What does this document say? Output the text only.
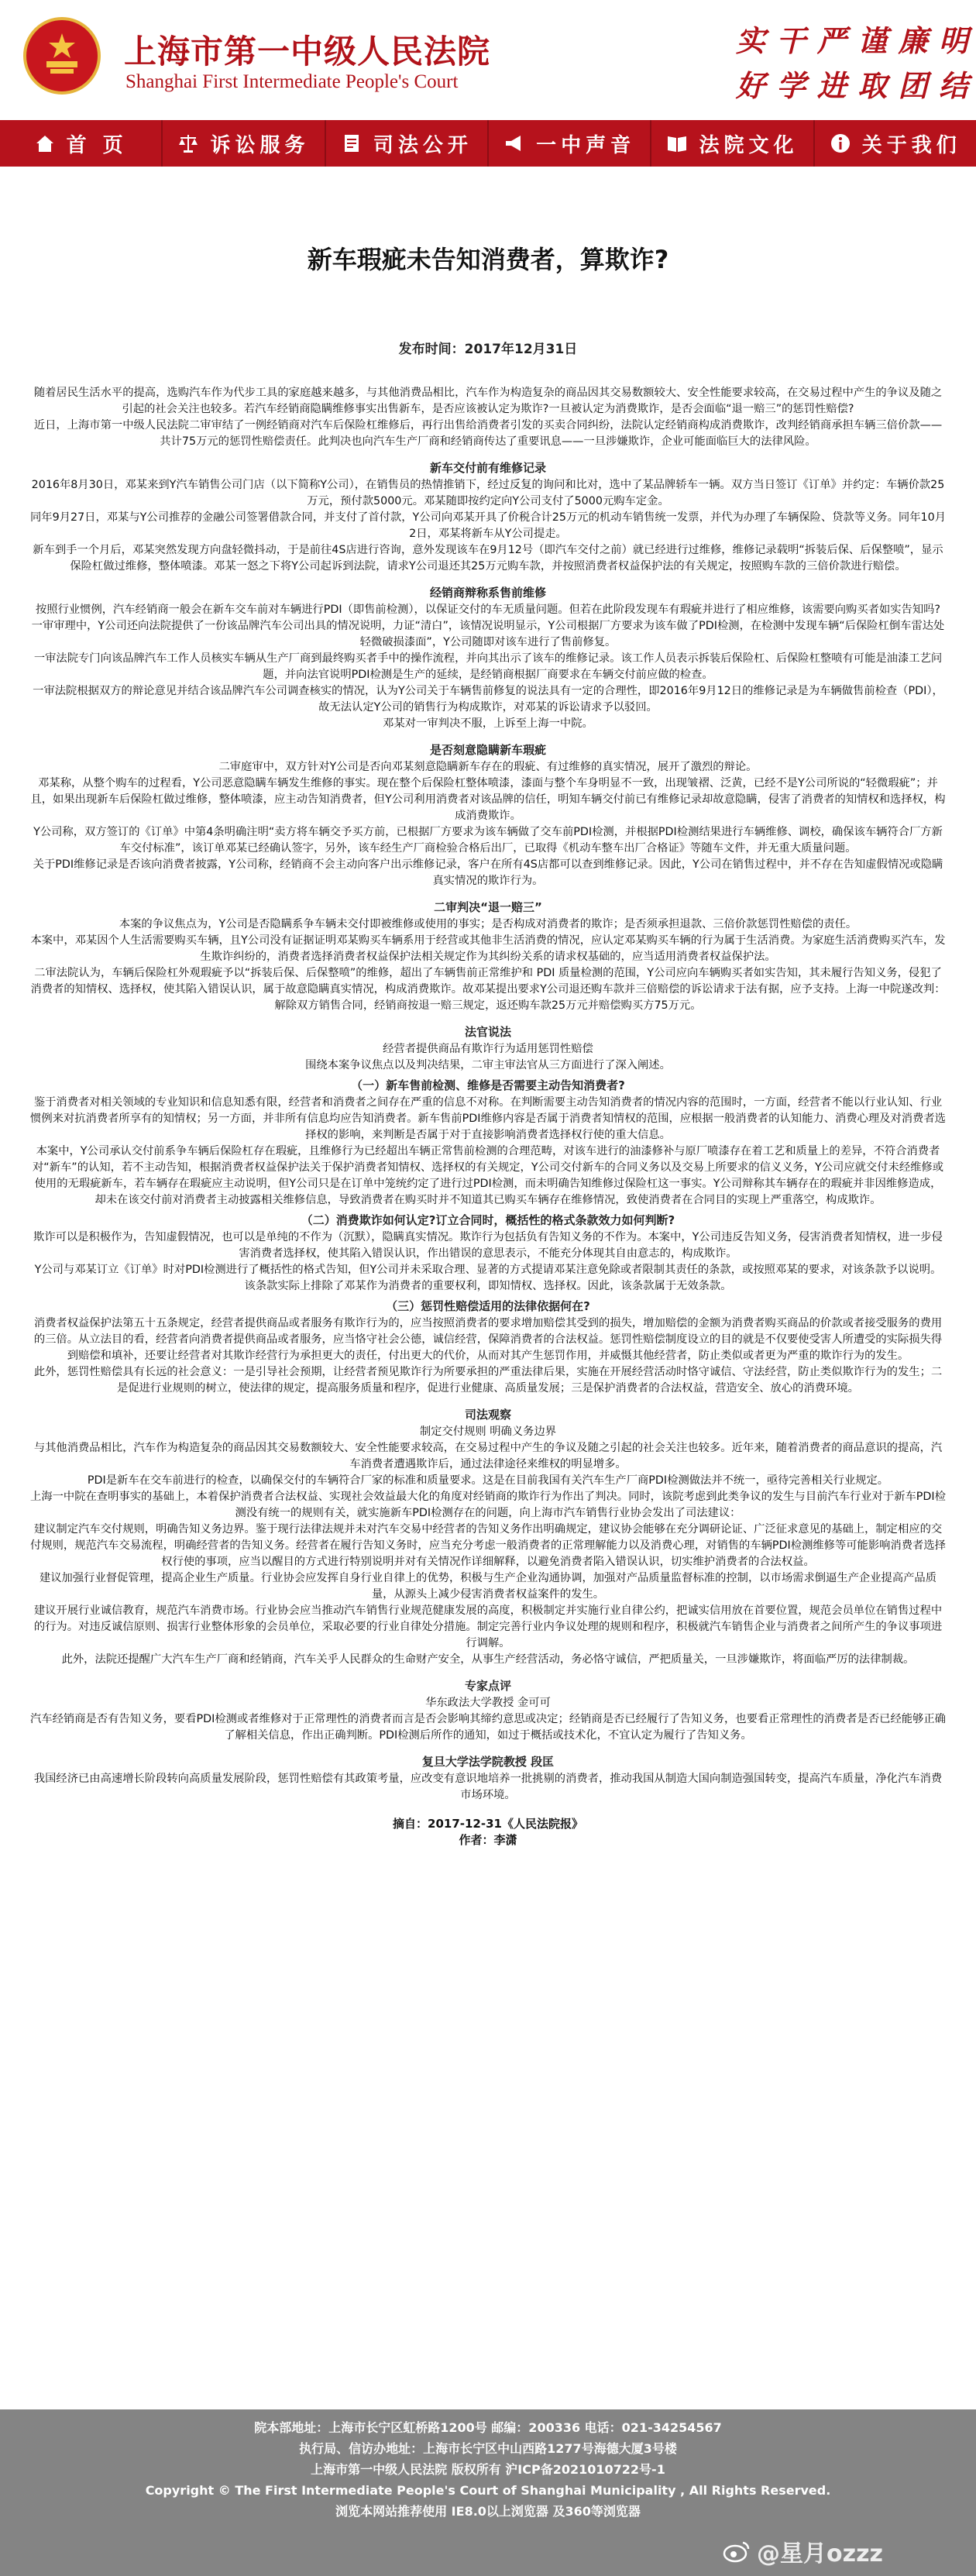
上海市第一中级人民法院
Shanghai First Intermediate People's Court
实 干 严 谨 廉 明
好 学 进 取 团 结
首 页	诉讼服务	司法公开	一中声音	法院文化	关于我们
新车瑕疵未告知消费者，算欺诈?
发布时间：2017年12月31日
随着居民生活水平的提高，选购汽车作为代步工具的家庭越来越多，与其他消费品相比，汽车作为构造复杂的商品因其交易数额较大、安全性能要求较高，在交易过程中产生的争议及随之引起的社会关注也较多。若汽车经销商隐瞒维修事实出售新车，是否应该被认定为欺诈?一旦被认定为消费欺诈，是否会面临“退一赔三”的惩罚性赔偿?
近日，上海市第一中级人民法院二审审结了一例经销商对汽车后保险杠维修后，再行出售给消费者引发的买卖合同纠纷，法院认定经销商构成消费欺诈，改判经销商承担车辆三倍价款——共计75万元的惩罚性赔偿责任。此判决也向汽车生产厂商和经销商传达了重要讯息——一旦涉嫌欺诈，企业可能面临巨大的法律风险。
新车交付前有维修记录
2016年8月30日，邓某来到Y汽车销售公司门店（以下简称Y公司），在销售员的热情推销下，经过反复的询问和比对，选中了某品牌轿车一辆。双方当日签订《订单》并约定：车辆价款25万元，预付款5000元。邓某随即按约定向Y公司支付了5000元购车定金。
同年9月27日，邓某与Y公司推荐的金融公司签署借款合同，并支付了首付款，Y公司向邓某开具了价税合计25万元的机动车销售统一发票，并代为办理了车辆保险、贷款等义务。同年10月2日，邓某将新车从Y公司提走。
新车到手一个月后，邓某突然发现方向盘轻微抖动，于是前往4S店进行咨询，意外发现该车在9月12号（即汽车交付之前）就已经进行过维修，维修记录载明“拆装后保、后保整喷”，显示保险杠做过维修，整体喷漆。邓某一怒之下将Y公司起诉到法院，请求Y公司退还其25万元购车款，并按照消费者权益保护法的有关规定，按照购车款的三倍价款进行赔偿。
经销商辩称系售前维修
按照行业惯例，汽车经销商一般会在新车交车前对车辆进行PDI（即售前检测），以保证交付的车无质量问题。但若在此阶段发现车有瑕疵并进行了相应维修，该需要向购买者如实告知吗?
一审审理中，Y公司还向法院提供了一份该品牌汽车公司出具的情况说明，力证“清白”，该情况说明显示，Y公司根据厂方要求为该车做了PDI检测，在检测中发现车辆“后保险杠倒车雷达处轻微破损漆面”，Y公司随即对该车进行了售前修复。
一审法院专门向该品牌汽车工作人员核实车辆从生产厂商到最终购买者手中的操作流程，并向其出示了该车的维修记录。该工作人员表示拆装后保险杠、后保险杠整喷有可能是油漆工艺问题，并向法官说明PDI检测是生产的延续，是经销商根据厂商要求在车辆交付前应做的检查。
一审法院根据双方的辩论意见并结合该品牌汽车公司调查核实的情况，认为Y公司关于车辆售前修复的说法具有一定的合理性，即2016年9月12日的维修记录是为车辆做售前检查（PDI），故无法认定Y公司的销售行为构成欺诈，对邓某的诉讼请求予以驳回。
邓某对一审判决不服，上诉至上海一中院。
是否刻意隐瞒新车瑕疵
二审庭审中，双方针对Y公司是否向邓某刻意隐瞒新车存在的瑕疵、有过维修的真实情况，展开了激烈的辩论。
邓某称，从整个购车的过程看，Y公司恶意隐瞒车辆发生维修的事实。现在整个后保险杠整体喷漆，漆面与整个车身明显不一致，出现皱褶、泛黄，已经不是Y公司所说的“轻微瑕疵”；并且，如果出现新车后保险杠做过维修，整体喷漆，应主动告知消费者，但Y公司利用消费者对该品牌的信任，明知车辆交付前已有维修记录却故意隐瞒，侵害了消费者的知情权和选择权，构成消费欺诈。
Y公司称，双方签订的《订单》中第4条明确注明“卖方将车辆交予买方前，已根据厂方要求为该车辆做了交车前PDI检测，并根据PDI检测结果进行车辆维修、调校，确保该车辆符合厂方新车交付标准”，该订单邓某已经确认签字，另外，该车经生产厂商检验合格后出厂，已取得《机动车整车出厂合格证》等随车文件，并无重大质量问题。
关于PDI维修记录是否该向消费者披露，Y公司称，经销商不会主动向客户出示维修记录，客户在所有4S店都可以查到维修记录。因此，Y公司在销售过程中，并不存在告知虚假情况或隐瞒真实情况的欺诈行为。
二审判决“退一赔三”
本案的争议焦点为，Y公司是否隐瞒系争车辆未交付即被维修或使用的事实；是否构成对消费者的欺诈；是否须承担退款、三倍价款惩罚性赔偿的责任。
本案中，邓某因个人生活需要购买车辆，且Y公司没有证据证明邓某购买车辆系用于经营或其他非生活消费的情况，应认定邓某购买车辆的行为属于生活消费。为家庭生活消费购买汽车，发生欺诈纠纷的，消费者选择消费者权益保护法相关规定作为其纠纷关系的请求权基础的，应当适用消费者权益保护法。
二审法院认为，车辆后保险杠外观瑕疵予以“拆装后保、后保整喷”的维修，超出了车辆售前正常维护和 PDI 质量检测的范围，Y公司应向车辆购买者如实告知，其未履行告知义务，侵犯了消费者的知情权、选择权，使其陷入错误认识，属于故意隐瞒真实情况，构成消费欺诈。故邓某提出要求Y公司退还购车款并三倍赔偿的诉讼请求于法有据，应予支持。上海一中院遂改判：解除双方销售合同，经销商按退一赔三规定，返还购车款25万元并赔偿购买方75万元。
法官说法
经营者提供商品有欺诈行为适用惩罚性赔偿
围绕本案争议焦点以及判决结果，二审主审法官从三方面进行了深入阐述。
（一）新车售前检测、维修是否需要主动告知消费者?
鉴于消费者对相关领域的专业知识和信息知悉有限，经营者和消费者之间存在严重的信息不对称。在判断需要主动告知消费者的情况内容的范围时，一方面，经营者不能以行业认知、行业惯例来对抗消费者所享有的知情权；另一方面，并非所有信息均应告知消费者。新车售前PDI维修内容是否属于消费者知情权的范围，应根据一般消费者的认知能力、消费心理及对消费者选择权的影响，来判断是否属于对于直接影响消费者选择权行使的重大信息。
本案中，Y公司承认交付前系争车辆后保险杠存在瑕疵，且维修行为已经超出车辆正常售前检测的合理范畴，对该车进行的油漆修补与原厂喷漆存在着工艺和质量上的差异，不符合消费者对“新车”的认知，若不主动告知，根据消费者权益保护法关于保护消费者知情权、选择权的有关规定，Y公司交付新车的合同义务以及交易上所要求的信义义务，Y公司应就交付未经维修或使用的无瑕疵新车，若车辆存在瑕疵应主动说明，但Y公司只是在订单中笼统约定了进行过PDI检测，而未明确告知维修过保险杠这一事实。Y公司辩称其车辆存在的瑕疵并非因维修造成，却未在该交付前对消费者主动披露相关维修信息，导致消费者在购买时并不知道其已购买车辆存在维修情况，致使消费者在合同目的实现上严重落空，构成欺诈。
（二）消费欺诈如何认定?订立合同时，概括性的格式条款效力如何判断?
欺诈可以是积极作为，告知虚假情况，也可以是单纯的不作为（沉默），隐瞒真实情况。欺诈行为包括负有告知义务的不作为。本案中，Y公司违反告知义务，侵害消费者知情权，进一步侵害消费者选择权，使其陷入错误认识，作出错误的意思表示，不能充分体现其自由意志的，构成欺诈。
Y公司与邓某订立《订单》时对PDI检测进行了概括性的格式告知，但Y公司并未采取合理、显著的方式提请邓某注意免除或者限制其责任的条款，或按照邓某的要求，对该条款予以说明。该条款实际上排除了邓某作为消费者的重要权利，即知情权、选择权。因此，该条款属于无效条款。
（三）惩罚性赔偿适用的法律依据何在?
消费者权益保护法第五十五条规定，经营者提供商品或者服务有欺诈行为的，应当按照消费者的要求增加赔偿其受到的损失，增加赔偿的金额为消费者购买商品的价款或者接受服务的费用的三倍。从立法目的看，经营者向消费者提供商品或者服务，应当恪守社会公德，诚信经营，保障消费者的合法权益。惩罚性赔偿制度设立的目的就是不仅要使受害人所遭受的实际损失得到赔偿和填补，还要让经营者对其欺诈经营行为承担更大的责任，付出更大的代价，从而对其产生惩罚作用，并威慑其他经营者，防止类似或者更为严重的欺诈行为的发生。
此外，惩罚性赔偿具有长远的社会意义：一是引导社会预期，让经营者预见欺诈行为所要承担的严重法律后果，实施在开展经营活动时恪守诚信、守法经营，防止类似欺诈行为的发生；二是促进行业规则的树立，使法律的规定，提高服务质量和程序，促进行业健康、高质量发展；三是保护消费者的合法权益，营造安全、放心的消费环境。
司法观察
制定交付规则 明确义务边界
与其他消费品相比，汽车作为构造复杂的商品因其交易数额较大、安全性能要求较高，在交易过程中产生的争议及随之引起的社会关注也较多。近年来，随着消费者的商品意识的提高，汽车消费者遭遇欺诈后，通过法律途径来维权的明显增多。
PDI是新车在交车前进行的检查，以确保交付的车辆符合厂家的标准和质量要求。这是在目前我国有关汽车生产厂商PDI检测做法并不统一，亟待完善相关行业规定。
上海一中院在查明事实的基础上，本着保护消费者合法权益、实现社会效益最大化的角度对经销商的欺诈行为作出了判决。同时，该院考虑到此类争议的发生与目前汽车行业对于新车PDI检测没有统一的规则有关，就实施新车PDI检测存在的问题，向上海市汽车销售行业协会发出了司法建议：
建议制定汽车交付规则，明确告知义务边界。鉴于现行法律法规并未对汽车交易中经营者的告知义务作出明确规定，建议协会能够在充分调研论证、广泛征求意见的基础上，制定相应的交付规则，规范汽车交易流程，明确经营者的告知义务。经营者在履行告知义务时，应当充分考虑一般消费者的正常理解能力以及消费心理，对销售的车辆PDI检测维修等可能影响消费者选择权行使的事项，应当以醒目的方式进行特别说明并对有关情况作详细解释，以避免消费者陷入错误认识，切实维护消费者的合法权益。
建议加强行业督促管理，提高企业生产质量。行业协会应发挥自身行业自律上的优势，积极与生产企业沟通协调，加强对产品质量监督标准的控制，以市场需求倒逼生产企业提高产品质量，从源头上减少侵害消费者权益案件的发生。
建议开展行业诚信教育，规范汽车消费市场。行业协会应当推动汽车销售行业规范健康发展的高度，积极制定并实施行业自律公约，把诚实信用放在首要位置，规范会员单位在销售过程中的行为。对违反诚信原则、损害行业整体形象的会员单位，采取必要的行业自律处分措施。制定完善行业内争议处理的规则和程序，积极就汽车销售企业与消费者之间所产生的争议事项进行调解。
此外，法院还提醒广大汽车生产厂商和经销商，汽车关乎人民群众的生命财产安全，从事生产经营活动，务必恪守诚信，严把质量关，一旦涉嫌欺诈，将面临严厉的法律制裁。
专家点评
华东政法大学教授 金可可
汽车经销商是否有告知义务，要看PDI检测或者维修对于正常理性的消费者而言是否会影响其缔约意思或决定；经销商是否已经履行了告知义务，也要看正常理性的消费者是否已经能够正确了解相关信息，作出正确判断。PDI检测后所作的通知，如过于概括或技术化，不宜认定为履行了告知义务。
复旦大学法学院教授 段匡
我国经济已由高速增长阶段转向高质量发展阶段，惩罚性赔偿有其政策考量，应改变有意识地培养一批挑剔的消费者，推动我国从制造大国向制造强国转变，提高汽车质量，净化汽车消费市场环境。
摘自：2017-12-31《人民法院报》
作者：李潇
院本部地址：上海市长宁区虹桥路1200号 邮编：200336 电话：021-34254567
执行局、信访办地址：上海市长宁区中山西路1277号海德大厦3号楼
上海市第一中级人民法院 版权所有 沪ICP备2021010722号-1
Copyright © The First Intermediate People's Court of Shanghai Municipality , All Rights Reserved.
浏览本网站推荐使用 IE8.0以上浏览器 及360等浏览器
@星月ozzz
